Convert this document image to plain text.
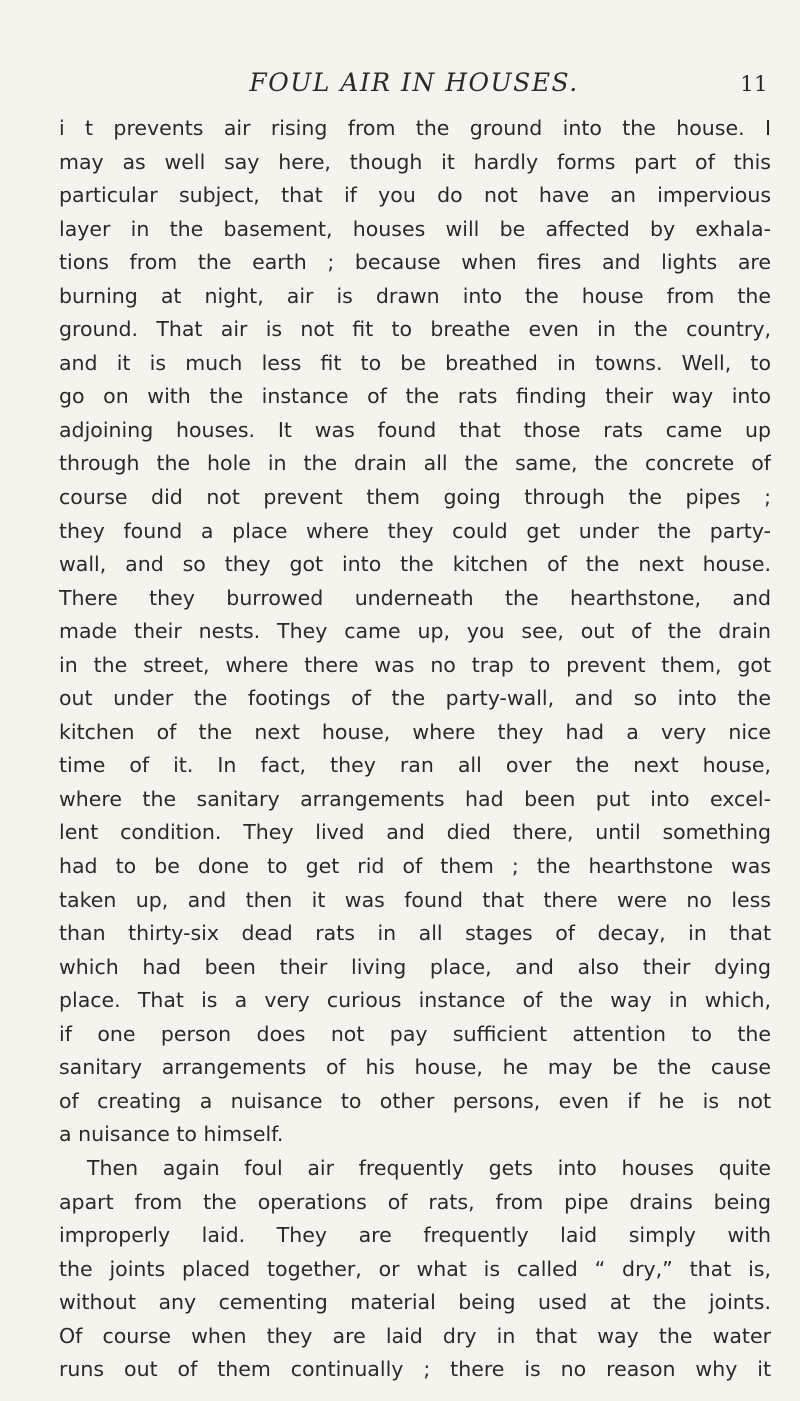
FOUL AIR IN HOUSES.	11
i t prevents air rising from the ground into the house. I
may as well say here, though it hardly forms part of this
particular subject, that if you do not have an impervious
layer in the basement, houses will be affected by exhala-
tions from the earth ; because when fires and lights are
burning at night, air is drawn into the house from the
ground. That air is not fit to breathe even in the country,
and it is much less fit to be breathed in towns. Well, to
go on with the instance of the rats finding their way into
adjoining houses. It was found that those rats came up
through the hole in the drain all the same, the concrete of
course did not prevent them going through the pipes ;
they found a place where they could get under the party-
wall, and so they got into the kitchen of the next house.
There they burrowed underneath the hearthstone, and
made their nests. They came up, you see, out of the drain
in the street, where there was no trap to prevent them, got
out under the footings of the party-wall, and so into the
kitchen of the next house, where they had a very nice
time of it. In fact, they ran all over the next house,
where the sanitary arrangements had been put into excel-
lent condition. They lived and died there, until something
had to be done to get rid of them ; the hearthstone was
taken up, and then it was found that there were no less
than thirty-six dead rats in all stages of decay, in that
which had been their living place, and also their dying
place. That is a very curious instance of the way in which,
if one person does not pay sufficient attention to the
sanitary arrangements of his house, he may be the cause
of creating a nuisance to other persons, even if he is not
a nuisance to himself.
Then again foul air frequently gets into houses quite
apart from the operations of rats, from pipe drains being
improperly laid. They are frequently laid simply with
the joints placed together, or what is called “ dry,” that is,
without any cementing material being used at the joints.
Of course when they are laid dry in that way the water
runs out of them continually ; there is no reason why it
